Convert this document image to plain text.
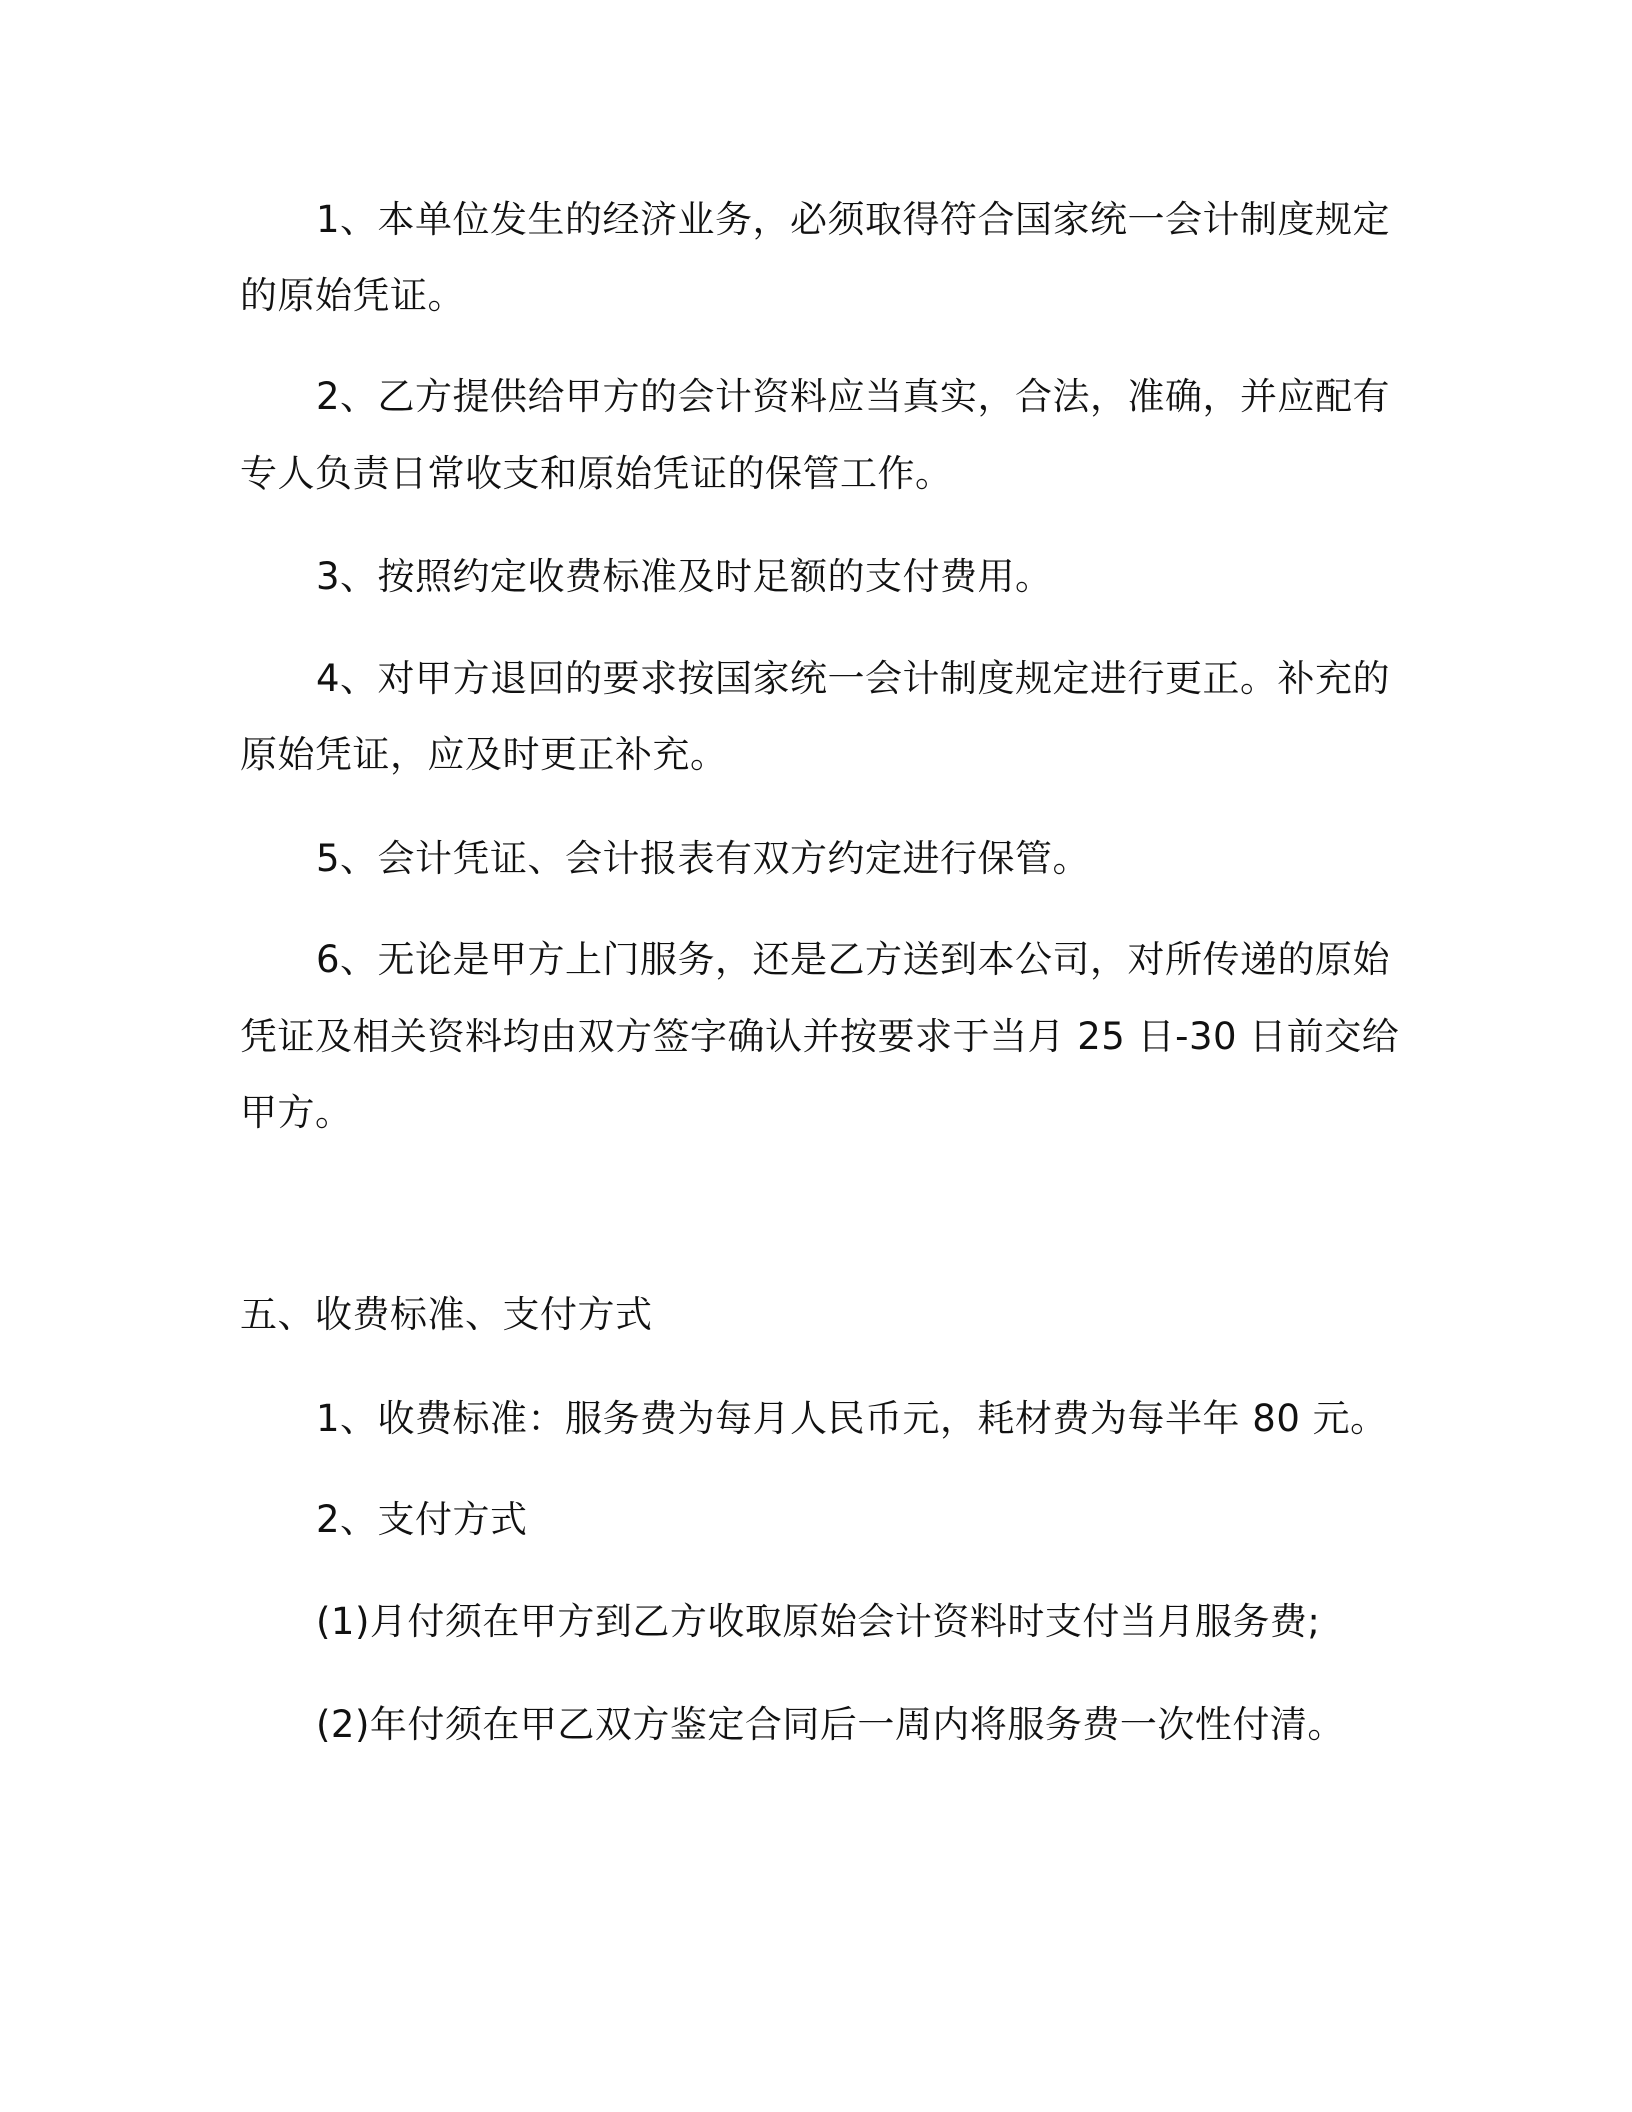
1、本单位发生的经济业务，必须取得符合国家统一会计制度规定
的原始凭证。
2、乙方提供给甲方的会计资料应当真实，合法，准确，并应配有
专人负责日常收支和原始凭证的保管工作。
3、按照约定收费标准及时足额的支付费用。
4、对甲方退回的要求按国家统一会计制度规定进行更正。补充的
原始凭证，应及时更正补充。
5、会计凭证、会计报表有双方约定进行保管。
6、无论是甲方上门服务，还是乙方送到本公司，对所传递的原始
凭证及相关资料均由双方签字确认并按要求于当月 25 日-30 日前交给
甲方。
五、收费标准、支付方式
1、收费标准：服务费为每月人民币元，耗材费为每半年 80 元。
2、支付方式
(1)月付须在甲方到乙方收取原始会计资料时支付当月服务费;
(2)年付须在甲乙双方鉴定合同后一周内将服务费一次性付清。
